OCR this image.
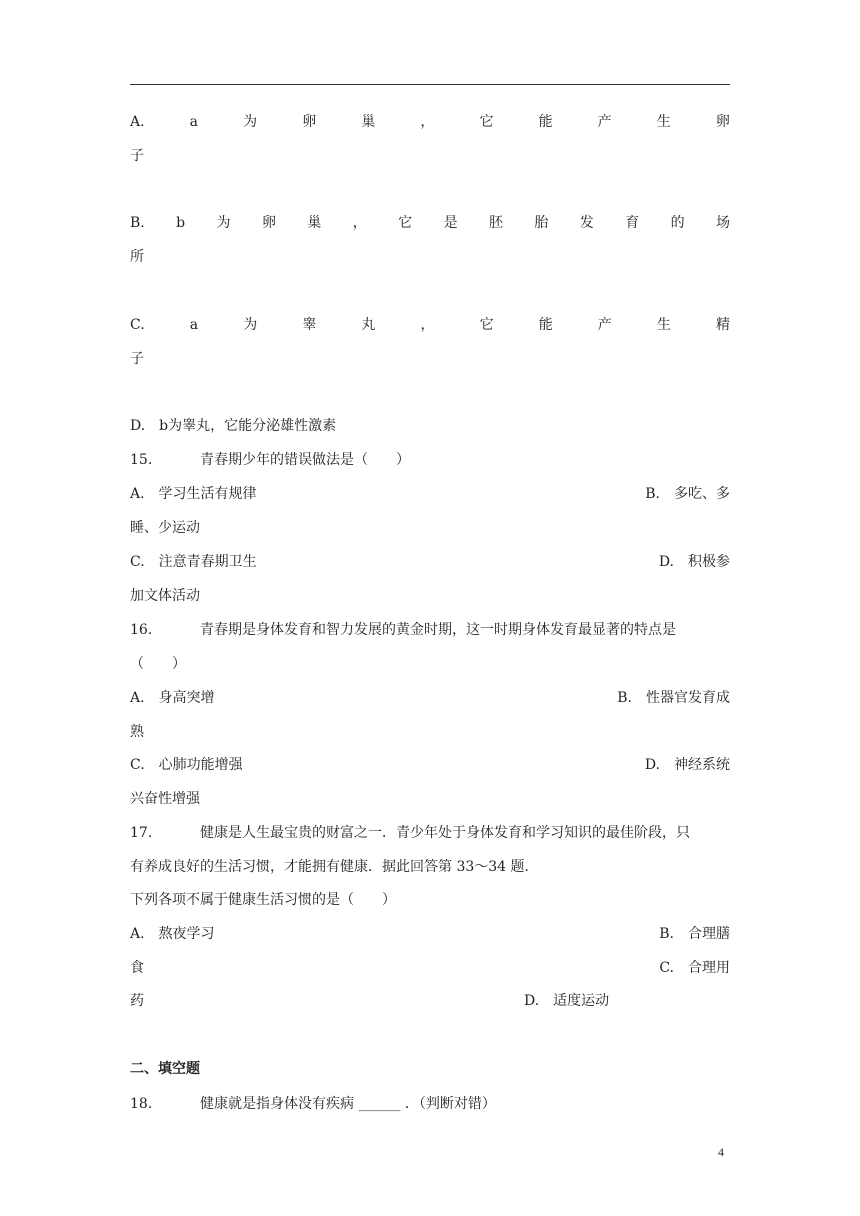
A.	a	为	卵	巢	，	它	能	产	生	卵
子
B. b 为 卵 巢 ， 它 是 胚 胎 发 育 的 场
所
C.	a	为	睾	丸	，	它	能	产	生	精
子
D.　b为睾丸，它能分泌雄性激素
15.	青春期少年的错误做法是（　　）
A.　学习生活有规律	B.　多吃、多
睡、少运动
C.　注意青春期卫生	D.　积极参
加文体活动
16.	青春期是身体发育和智力发展的黄金时期，这一时期身体发育最显著的特点是
（　　）
A.　身高突增	B.　性器官发育成
熟
C.　心肺功能增强	D.　神经系统
兴奋性增强
17.	健康是人生最宝贵的财富之一．青少年处于身体发育和学习知识的最佳阶段，只
有养成良好的生活习惯，才能拥有健康．据此回答第 33～34 题．
下列各项不属于健康生活习惯的是（　　）
A.　熬夜学习	B.　合理膳
食	C.　合理用
药	D.　适度运动
二、填空题
18.	健康就是指身体没有疾病 ______ ．（判断对错）
4
